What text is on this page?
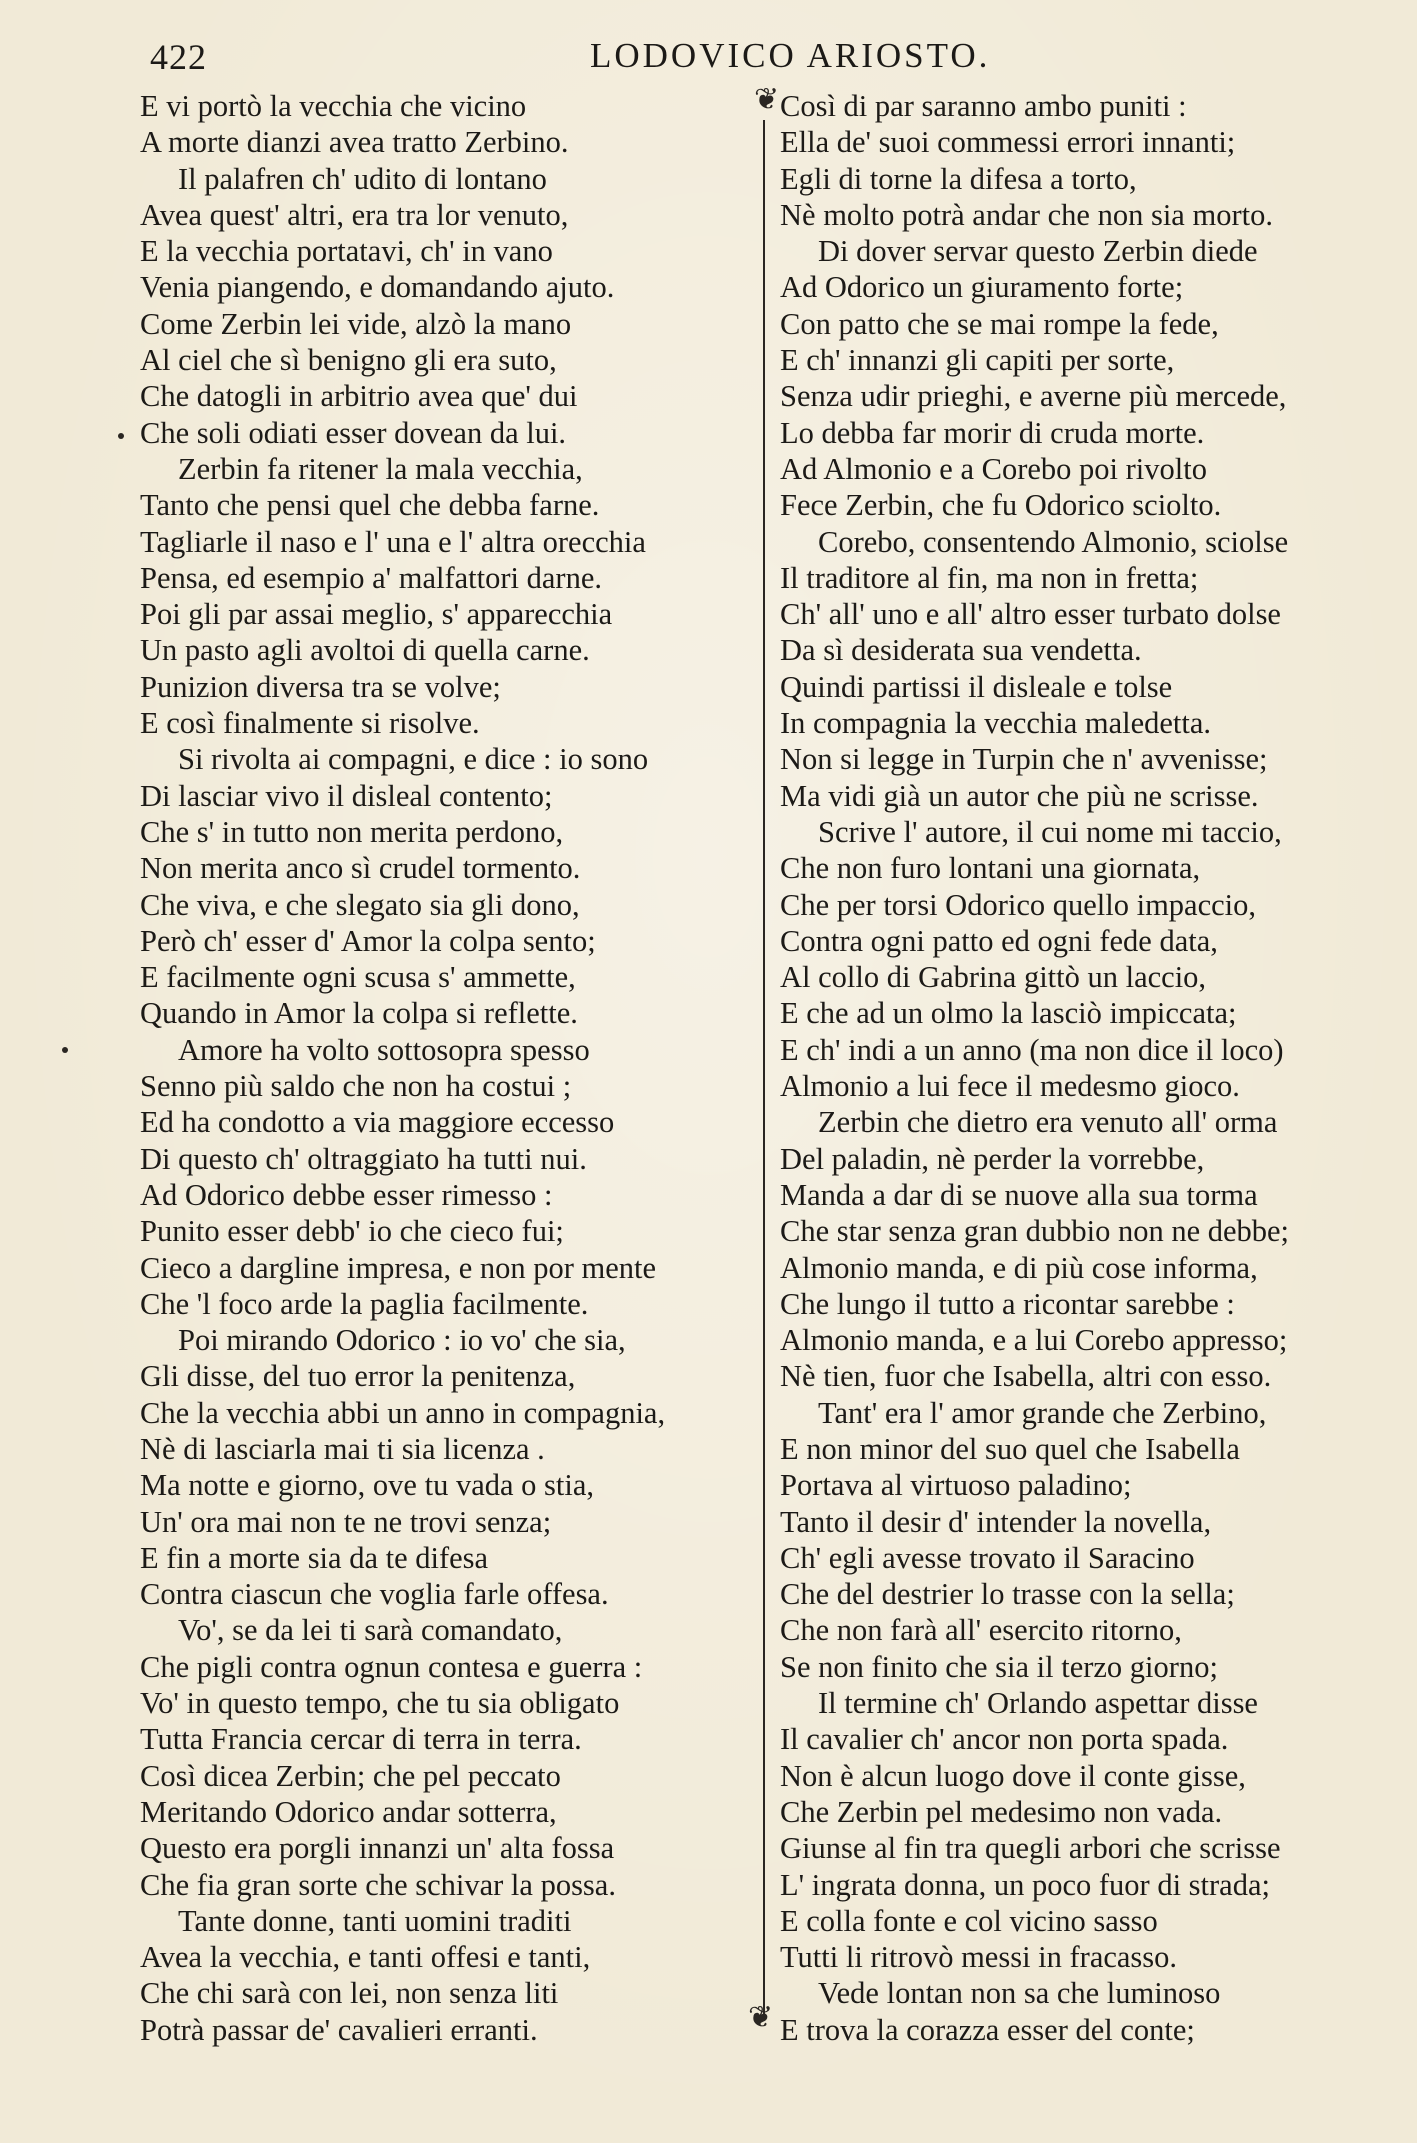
422	LODOVICO ARIOSTO.
❦
❦
E vi portò la vecchia che vicino
A morte dianzi avea tratto Zerbino.
Il palafren ch' udito di lontano
Avea quest' altri, era tra lor venuto,
E la vecchia portatavi, ch' in vano
Venia piangendo, e domandando ajuto.
Come Zerbin lei vide, alzò la mano
Al ciel che sì benigno gli era suto,
Che datogli in arbitrio avea que' dui
Che soli odiati esser dovean da lui.
Zerbin fa ritener la mala vecchia,
Tanto che pensi quel che debba farne.
Tagliarle il naso e l' una e l' altra orecchia
Pensa, ed esempio a' malfattori darne.
Poi gli par assai meglio, s' apparecchia
Un pasto agli avoltoi di quella carne.
Punizion diversa tra se volve;
E così finalmente si risolve.
Si rivolta ai compagni, e dice : io sono
Di lasciar vivo il disleal contento;
Che s' in tutto non merita perdono,
Non merita anco sì crudel tormento.
Che viva, e che slegato sia gli dono,
Però ch' esser d' Amor la colpa sento;
E facilmente ogni scusa s' ammette,
Quando in Amor la colpa si reflette.
Amore ha volto sottosopra spesso
Senno più saldo che non ha costui ;
Ed ha condotto a via maggiore eccesso
Di questo ch' oltraggiato ha tutti nui.
Ad Odorico debbe esser rimesso :
Punito esser debb' io che cieco fui;
Cieco a dargline impresa, e non por mente
Che 'l foco arde la paglia facilmente.
Poi mirando Odorico : io vo' che sia,
Gli disse, del tuo error la penitenza,
Che la vecchia abbi un anno in compagnia,
Nè di lasciarla mai ti sia licenza .
Ma notte e giorno, ove tu vada o stia,
Un' ora mai non te ne trovi senza;
E fin a morte sia da te difesa
Contra ciascun che voglia farle offesa.
Vo', se da lei ti sarà comandato,
Che pigli contra ognun contesa e guerra :
Vo' in questo tempo, che tu sia obligato
Tutta Francia cercar di terra in terra.
Così dicea Zerbin; che pel peccato
Meritando Odorico andar sotterra,
Questo era porgli innanzi un' alta fossa
Che fia gran sorte che schivar la possa.
Tante donne, tanti uomini traditi
Avea la vecchia, e tanti offesi e tanti,
Che chi sarà con lei, non senza liti
Potrà passar de' cavalieri erranti.
Così di par saranno ambo puniti :
Ella de' suoi commessi errori innanti;
Egli di torne la difesa a torto,
Nè molto potrà andar che non sia morto.
Di dover servar questo Zerbin diede
Ad Odorico un giuramento forte;
Con patto che se mai rompe la fede,
E ch' innanzi gli capiti per sorte,
Senza udir prieghi, e averne più mercede,
Lo debba far morir di cruda morte.
Ad Almonio e a Corebo poi rivolto
Fece Zerbin, che fu Odorico sciolto.
Corebo, consentendo Almonio, sciolse
Il traditore al fin, ma non in fretta;
Ch' all' uno e all' altro esser turbato dolse
Da sì desiderata sua vendetta.
Quindi partissi il disleale e tolse
In compagnia la vecchia maledetta.
Non si legge in Turpin che n' avvenisse;
Ma vidi già un autor che più ne scrisse.
Scrive l' autore, il cui nome mi taccio,
Che non furo lontani una giornata,
Che per torsi Odorico quello impaccio,
Contra ogni patto ed ogni fede data,
Al collo di Gabrina gittò un laccio,
E che ad un olmo la lasciò impiccata;
E ch' indi a un anno (ma non dice il loco)
Almonio a lui fece il medesmo gioco.
Zerbin che dietro era venuto all' orma
Del paladin, nè perder la vorrebbe,
Manda a dar di se nuove alla sua torma
Che star senza gran dubbio non ne debbe;
Almonio manda, e di più cose informa,
Che lungo il tutto a ricontar sarebbe :
Almonio manda, e a lui Corebo appresso;
Nè tien, fuor che Isabella, altri con esso.
Tant' era l' amor grande che Zerbino,
E non minor del suo quel che Isabella
Portava al virtuoso paladino;
Tanto il desir d' intender la novella,
Ch' egli avesse trovato il Saracino
Che del destrier lo trasse con la sella;
Che non farà all' esercito ritorno,
Se non finito che sia il terzo giorno;
Il termine ch' Orlando aspettar disse
Il cavalier ch' ancor non porta spada.
Non è alcun luogo dove il conte gisse,
Che Zerbin pel medesimo non vada.
Giunse al fin tra quegli arbori che scrisse
L' ingrata donna, un poco fuor di strada;
E colla fonte e col vicino sasso
Tutti li ritrovò messi in fracasso.
Vede lontan non sa che luminoso
E trova la corazza esser del conte;
